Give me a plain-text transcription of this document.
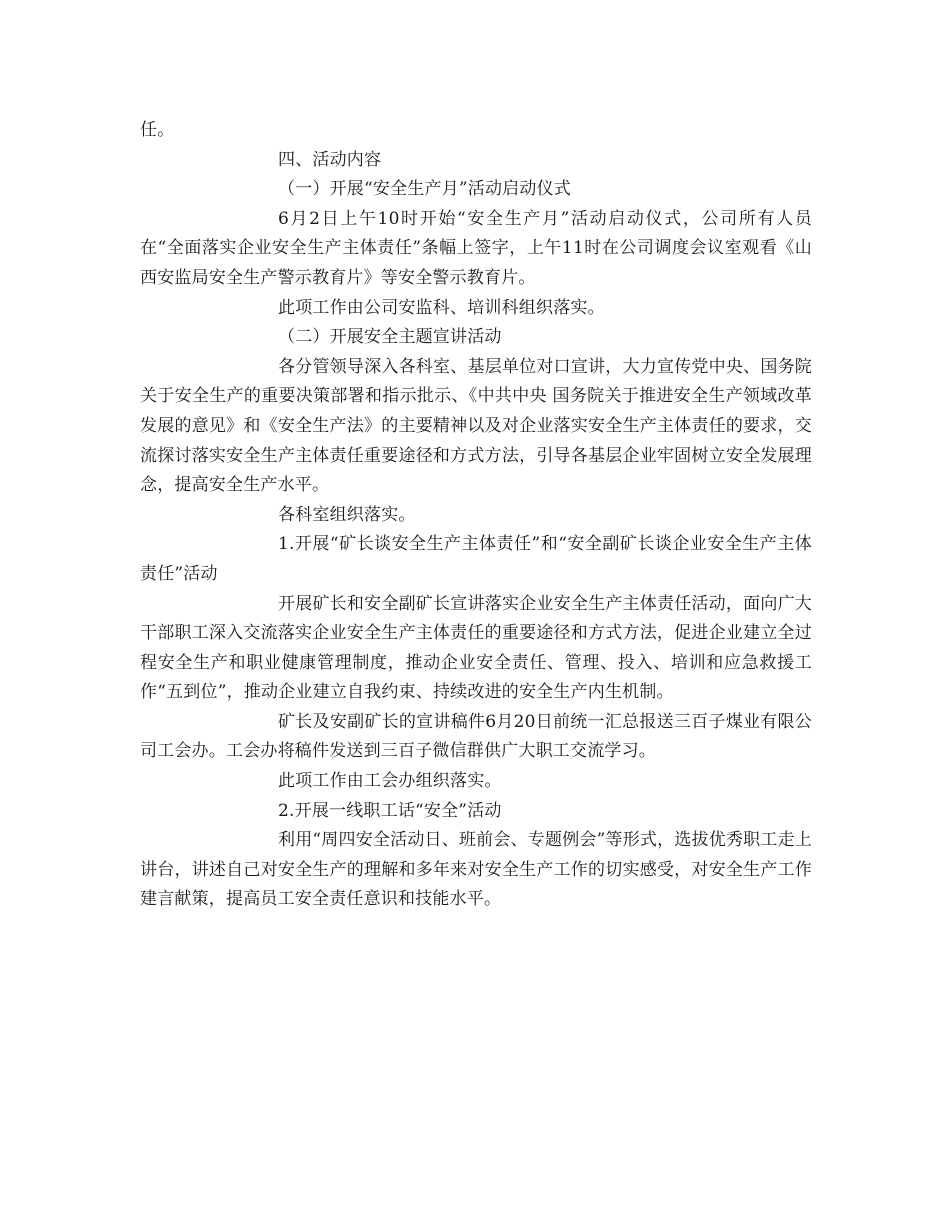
任。

四、活动内容

（一）开展“安全生产月”活动启动仪式

6月2日上午10时开始“安全生产月”活动启动仪式，公司所有人员在“全面落实企业安全生产主体责任”条幅上签字，上午11时在公司调度会议室观看《山西安监局安全生产警示教育片》等安全警示教育片。

此项工作由公司安监科、培训科组织落实。

（二）开展安全主题宣讲活动

各分管领导深入各科室、基层单位对口宣讲，大力宣传党中央、国务院关于安全生产的重要决策部署和指示批示、《中共中央 国务院关于推进安全生产领域改革发展的意见》和《安全生产法》的主要精神以及对企业落实安全生产主体责任的要求，交流探讨落实安全生产主体责任重要途径和方式方法，引导各基层企业牢固树立安全发展理念，提高安全生产水平。

各科室组织落实。

1.开展“矿长谈安全生产主体责任”和“安全副矿长谈企业安全生产主体责任”活动

开展矿长和安全副矿长宣讲落实企业安全生产主体责任活动，面向广大干部职工深入交流落实企业安全生产主体责任的重要途径和方式方法，促进企业建立全过程安全生产和职业健康管理制度，推动企业安全责任、管理、投入、培训和应急救援工作“五到位”，推动企业建立自我约束、持续改进的安全生产内生机制。

矿长及安副矿长的宣讲稿件6月20日前统一汇总报送三百子煤业有限公司工会办。工会办将稿件发送到三百子微信群供广大职工交流学习。

此项工作由工会办组织落实。

2.开展一线职工话“安全”活动

利用“周四安全活动日、班前会、专题例会”等形式，选拔优秀职工走上讲台，讲述自己对安全生产的理解和多年来对安全生产工作的切实感受，对安全生产工作建言献策，提高员工安全责任意识和技能水平。
